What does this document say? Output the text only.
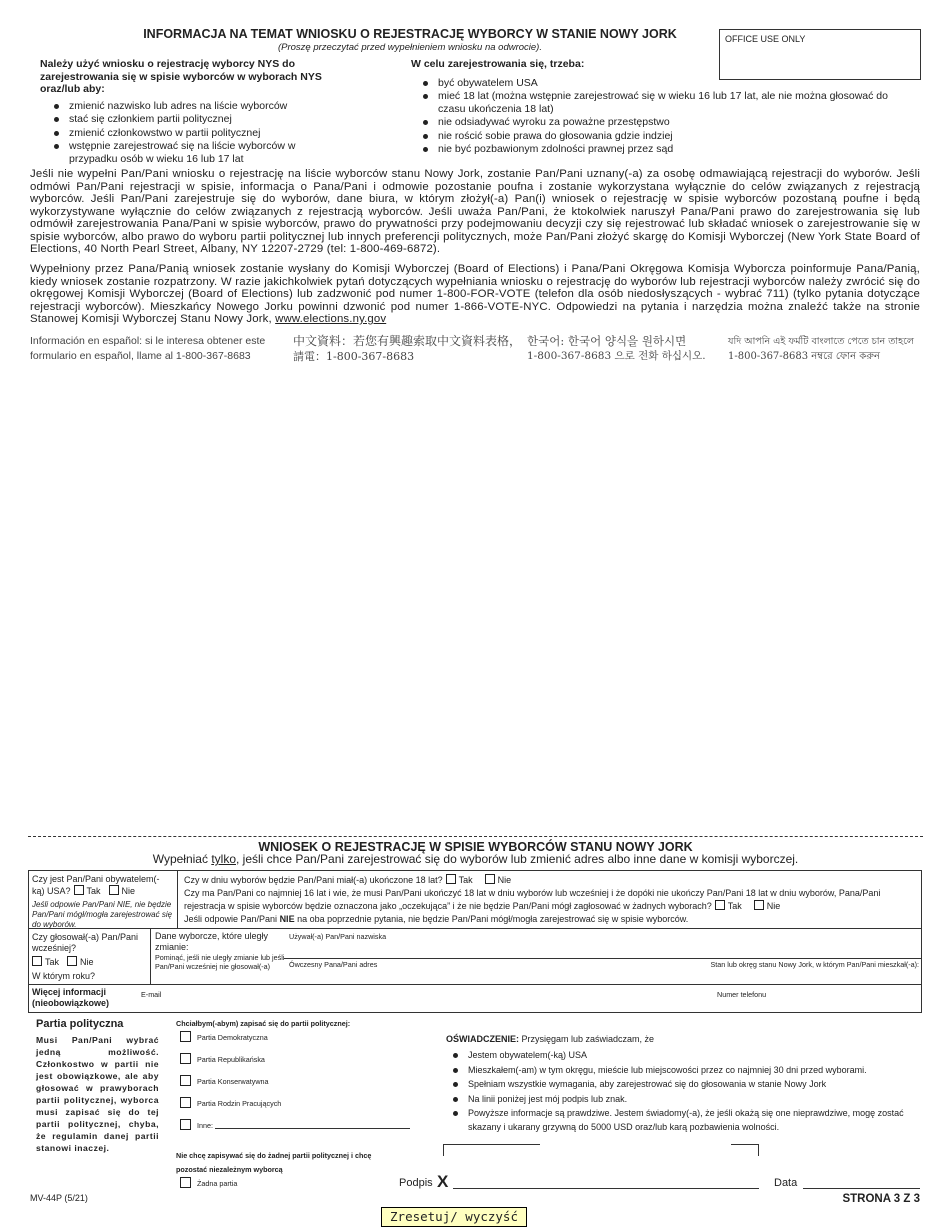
INFORMACJA NA TEMAT WNIOSKU O REJESTRACJĘ WYBORCY W STANIE NOWY JORK
(Proszę przeczytać przed wypełnieniem wniosku na odwrocie).
OFFICE USE ONLY
Należy użyć wniosku o rejestrację wyborcy NYS do zarejestrowania się w spisie wyborców w wyborach NYS oraz/lub aby:
zmienić nazwisko lub adres na liście wyborców
stać się członkiem partii politycznej
zmienić członkowstwo w partii politycznej
wstępnie zarejestrować się na liście wyborców w przypadku osób w wieku 16 lub 17 lat
W celu zarejestrowania się, trzeba:
być obywatelem USA
mieć 18 lat (można wstępnie zarejestrować się w wieku 16 lub 17 lat, ale nie można głosować do czasu ukończenia 18 lat)
nie odsiadywać wyroku za poważne przestępstwo
nie rościć sobie prawa do głosowania gdzie indziej
nie być pozbawionym zdolności prawnej przez sąd
Jeśli nie wypełni Pan/Pani wniosku o rejestrację na liście wyborców stanu Nowy Jork, zostanie Pan/Pani uznany(-a) za osobę odmawiającą rejestracji do wyborów. Jeśli odmówi Pan/Pani rejestracji w spisie, informacja o Pana/Pani i odmowie pozostanie poufna i zostanie wykorzystana wyłącznie do celów związanych z rejestracją wyborców. Jeśli Pan/Pani zarejestruje się do wyborów, dane biura, w którym złożył(-a) Pan(i) wniosek o rejestrację w spisie wyborców pozostaną poufne i będą wykorzystywane wyłącznie do celów związanych z rejestracją wyborców. Jeśli uważa Pan/Pani, że ktokolwiek naruszył Pana/Pani prawo do zarejestrowania się lub odmówił zarejestrowania Pana/Pani w spisie wyborców, prawo do prywatności przy podejmowaniu decyzji czy się rejestrować lub składać wniosek o zarejestrowanie się w spisie wyborców, albo prawo do wyboru partii politycznej lub innych preferencji politycznych, może Pan/Pani złożyć skargę do Komisji Wyborczej (New York State Board of Elections, 40 North Pearl Street, Albany, NY 12207-2729 (tel: 1-800-469-6872).
Wypełniony przez Pana/Panią wniosek zostanie wysłany do Komisji Wyborczej (Board of Elections) i Pana/Pani Okręgowa Komisja Wyborcza poinformuje Pana/Panią, kiedy wniosek zostanie rozpatrzony. W razie jakichkolwiek pytań dotyczących wypełniania wniosku o rejestrację do wyborów lub rejestracji wyborców należy zwrócić się do okręgowej Komisji Wyborczej (Board of Elections) lub zadzwonić pod numer 1-800-FOR-VOTE (telefon dla osób niedosłyszących - wybrać 711) (tylko pytania dotyczące rejestracji wyborców). Mieszkańcy Nowego Jorku powinni dzwonić pod numer 1-866-VOTE-NYC. Odpowiedzi na pytania i narzędzia można znaleźć także na stronie Stanowej Komisji Wyborczej Stanu Nowy Jork, www.elections.ny.gov
Información en español: si le interesa obtener este
formulario en español, llame al 1-800-367-8683
中文資料：若您有興趣索取中文資料表格，
請電：1-800-367-8683
한국어: 한국어 양식을 원하시면
1-800-367-8683 으로 전화 하십시오.
যদি আপনি এই ফর্মটি বাংলাতে পেতে চান তাহলে
1-800-367-8683 নম্বরে ফোন করুন
WNIOSEK O REJESTRACJĘ W SPISIE WYBORCÓW STANU NOWY JORK
Wypełniać tylko, jeśli chce Pan/Pani zarejestrować się do wyborów lub zmienić adres albo inne dane w komisji wyborczej.
Czy jest Pan/Pani obywatelem(-
ką) USA? Tak Nie
Jeśli odpowie Pan/Pani NIE, nie będzie Pan/Pani mógł/mogła zarejestrować się do wyborów.
Czy w dniu wyborów będzie Pan/Pani miał(-a) ukończone 18 lat? Tak	Nie
Czy ma Pan/Pani co najmniej 16 lat i wie, że musi Pan/Pani ukończyć 18 lat w dniu wyborów lub wcześniej i że dopóki nie ukończy Pan/Pani 18 lat w dniu wyborów, Pana/Pani
rejestracja w spisie wyborców będzie oznaczona jako „oczekująca” i że nie będzie Pan/Pani mógł zagłosować w żadnych wyborach? Tak	Nie
Jeśli odpowie Pan/Pani NIE na oba poprzednie pytania, nie będzie Pan/Pani mógł/mogła zarejestrować się w spisie wyborców.
Czy głosował(-a) Pan/Pani wcześniej?
Tak Nie
W którym roku?
Dane wyborcze, które uległy zmianie:
Pominąć, jeśli nie uległy zmianie lub jeśli Pan/Pani wcześniej nie głosował(-a)
Używał(-a) Pan/Pani nazwiska
Ówczesny Pana/Pani adres	Stan lub okręg stanu Nowy Jork, w którym Pan/Pani mieszkał(-a):
Więcej informacji
(nieobowiązkowe)
E-mail	Numer telefonu
Partia polityczna
Musi Pan/Pani wybrać jedną możliwość. Członkostwo w partii nie jest obowiązkowe, ale aby głosować w prawyborach partii politycznej, wyborca musi zapisać się do tej partii politycznej, chyba, że regulamin danej partii stanowi inaczej.
Chciałbym(-abym) zapisać się do partii politycznej:
Partia Demokratyczna
Partia Republikańska
Partia Konserwatywna
Partia Rodzin Pracujących
Inne:
Nie chcę zapisywać się do żadnej partii politycznej i chcę
pozostać niezależnym wyborcą
Żadna partia
OŚWIADCZENIE: Przysięgam lub zaświadczam, że
Jestem obywatelem(-ką) USA
Mieszkałem(-am) w tym okręgu, mieście lub miejscowości przez co najmniej 30 dni przed wyborami.
Spełniam wszystkie wymagania, aby zarejestrować się do głosowania w stanie Nowy Jork
Na linii poniżej jest mój podpis lub znak.
Powyższe informacje są prawdziwe. Jestem świadomy(-a), że jeśli okażą się one nieprawdziwe, mogę zostać skazany i ukarany grzywną do 5000 USD oraz/lub karą pozbawienia wolności.
Podpis X	Data
MV-44P (5/21)	STRONA 3 Z 3
Zresetuj/ wyczyść
